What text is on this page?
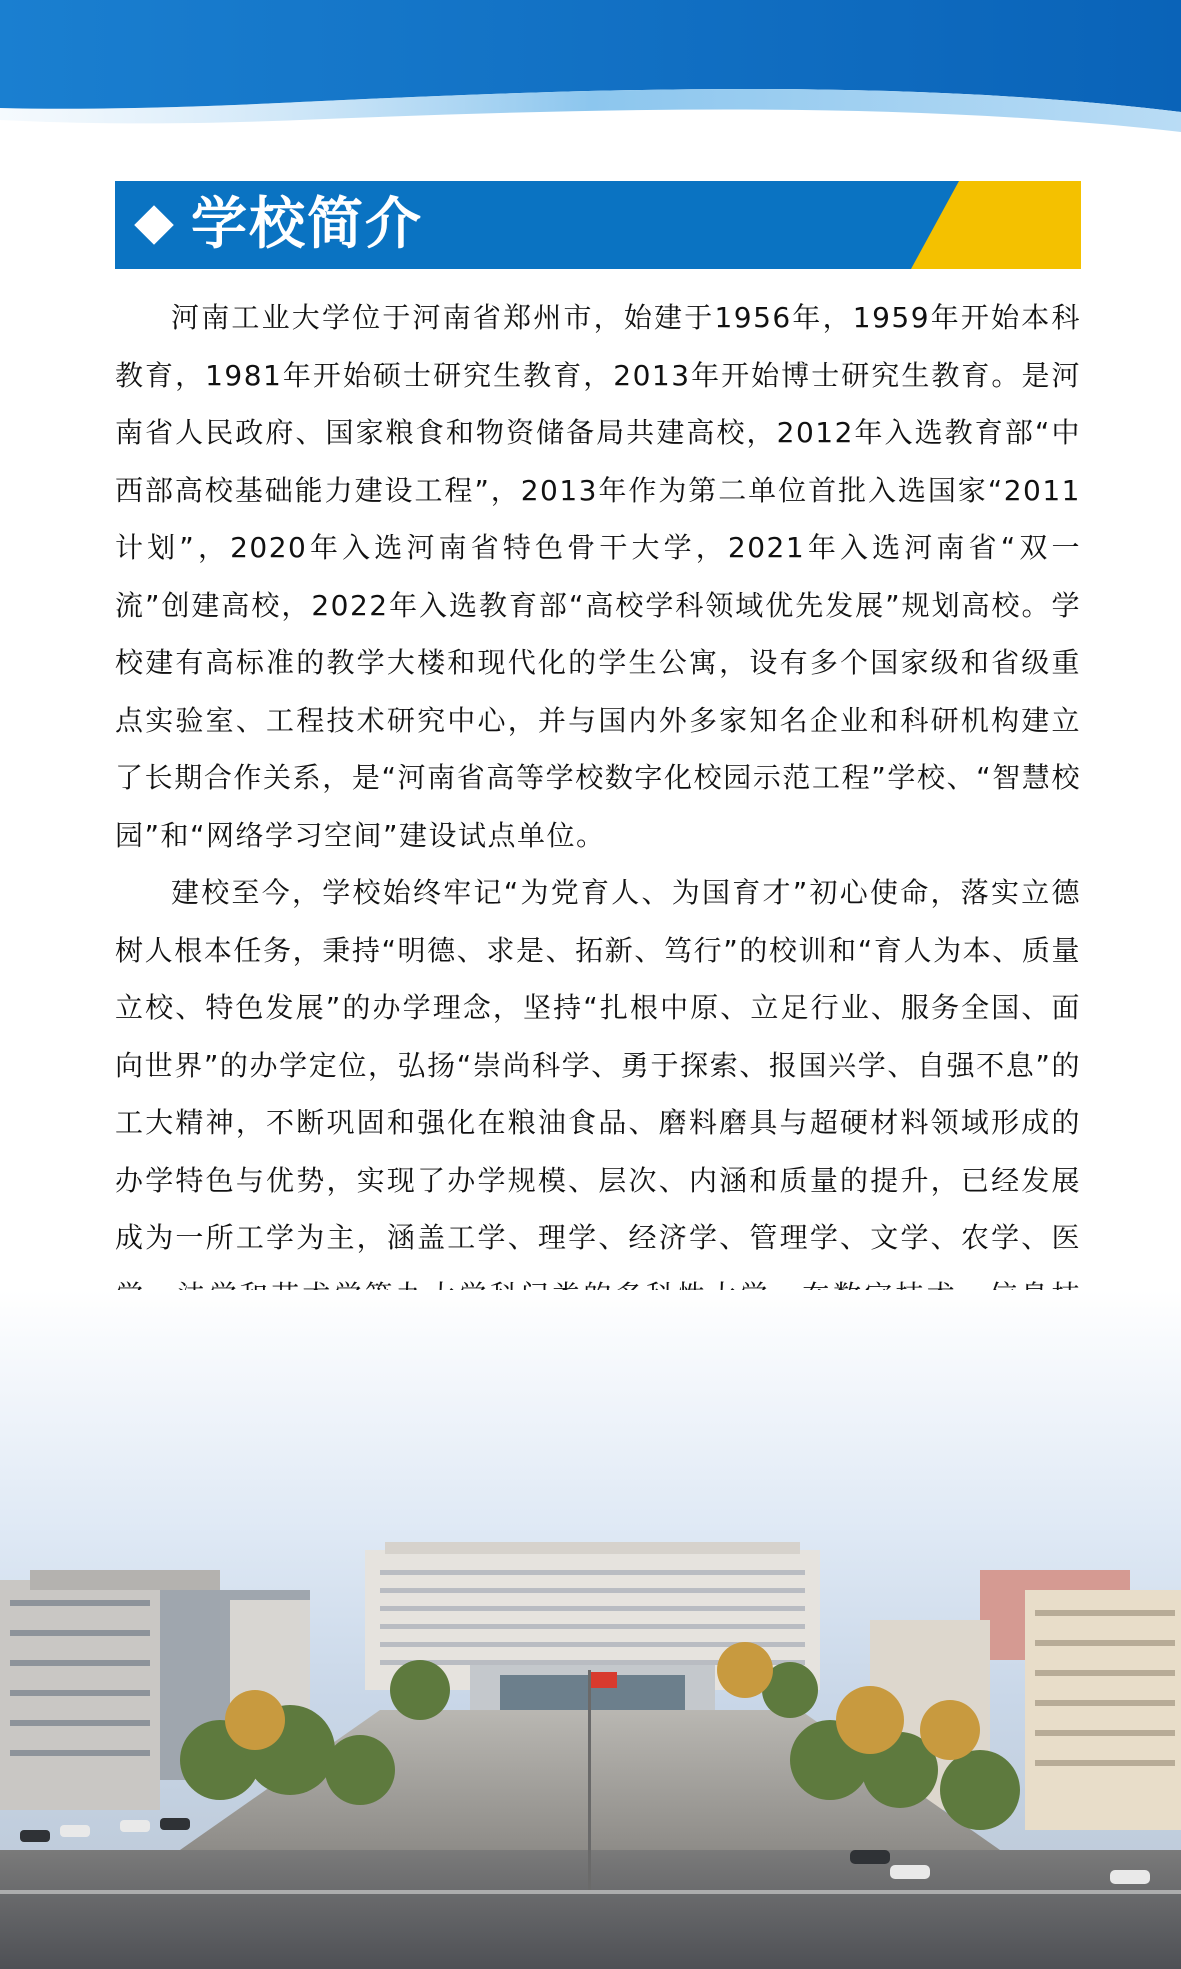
学校简介

河南工业大学位于河南省郑州市，始建于1956年，1959年开始本科教育，1981年开始硕士研究生教育，2013年开始博士研究生教育。是河南省人民政府、国家粮食和物资储备局共建高校，2012年入选教育部“中西部高校基础能力建设工程”，2013年作为第二单位首批入选国家“2011计划”，2020年入选河南省特色骨干大学，2021年入选河南省“双一流”创建高校，2022年入选教育部“高校学科领域优先发展”规划高校。学校建有高标准的教学大楼和现代化的学生公寓，设有多个国家级和省级重点实验室、工程技术研究中心，并与国内外多家知名企业和科研机构建立了长期合作关系，是“河南省高等学校数字化校园示范工程”学校、“智慧校园”和“网络学习空间”建设试点单位。

建校至今，学校始终牢记“为党育人、为国育才”初心使命，落实立德树人根本任务，秉持“明德、求是、拓新、笃行”的校训和“育人为本、质量立校、特色发展”的办学理念，坚持“扎根中原、立足行业、服务全国、面向世界”的办学定位，弘扬“崇尚科学、勇于探索、报国兴学、自强不息”的工大精神，不断巩固和强化在粮油食品、磨料磨具与超硬材料领域形成的办学特色与优势，实现了办学规模、层次、内涵和质量的提升，已经发展成为一所工学为主，涵盖工学、理学、经济学、管理学、文学、农学、医
